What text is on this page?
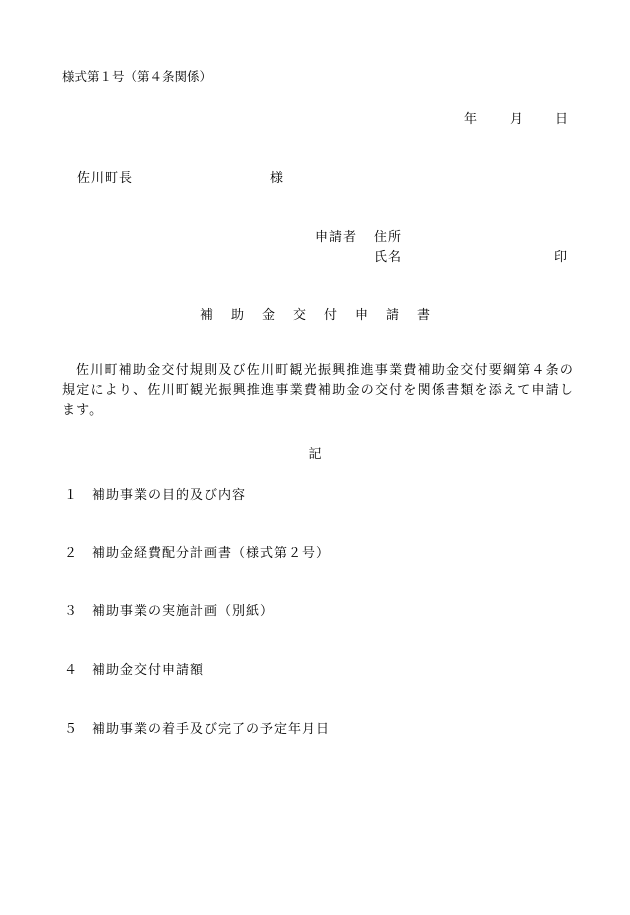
様式第１号（第４条関係）
年	月 日
佐川町長	様
申請者 住所
氏名	印
補 助 金 交 付 申 請 書
佐川町補助金交付規則及び佐川町観光振興推進事業費補助金交付要綱第４条の規定により、佐川町観光振興推進事業費補助金の交付を関係書類を添えて申請します。
記
１ 補助事業の目的及び内容
２ 補助金経費配分計画書（様式第２号）
３ 補助事業の実施計画（別紙）
４ 補助金交付申請額
５ 補助事業の着手及び完了の予定年月日
